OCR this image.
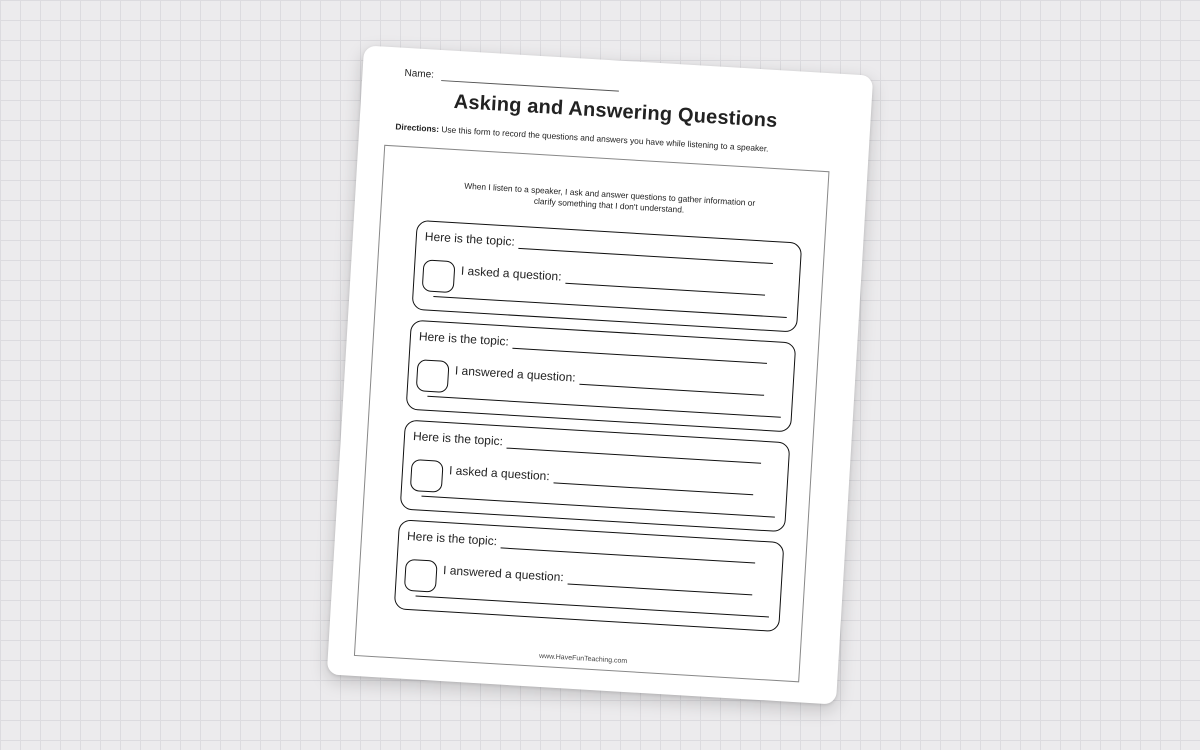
Name:
Asking and Answering Questions
Directions: Use this form to record the questions and answers you have while listening to a speaker.
When I listen to a speaker, I ask and answer questions to gather information or clarify something that I don't understand.
Here is the topic:
I asked a question:
Here is the topic:
I answered a question:
Here is the topic:
I asked a question:
Here is the topic:
I answered a question:
www.HaveFunTeaching.com
